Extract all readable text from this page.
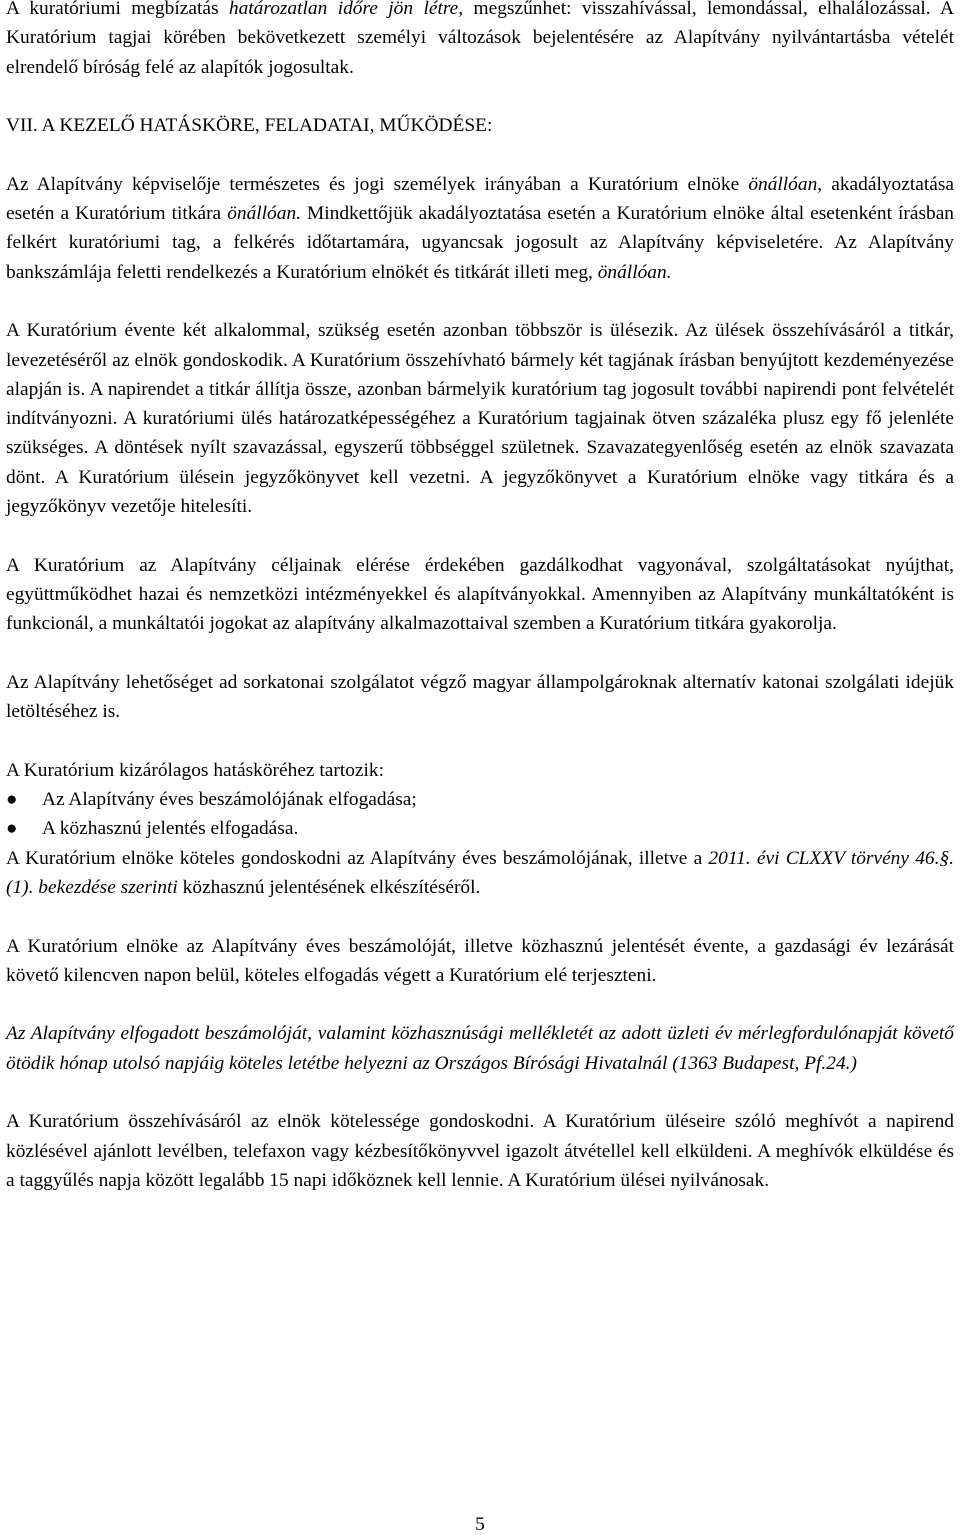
A kuratóriumi megbízatás határozatlan időre jön létre, megszűnhet: visszahívással, lemondással, elhalálozással. A Kuratórium tagjai körében bekövetkezett személyi változások bejelentésére az Alapítvány nyilvántartásba vételét elrendelő bíróság felé az alapítók jogosultak.

VII. A KEZELŐ HATÁSKÖRE, FELADATAI, MŰKÖDÉSE:

Az Alapítvány képviselője természetes és jogi személyek irányában a Kuratórium elnöke önállóan, akadályoztatása esetén a Kuratórium titkára önállóan. Mindkettőjük akadályoztatása esetén a Kuratórium elnöke által esetenként írásban felkért kuratóriumi tag, a felkérés időtartamára, ugyancsak jogosult az Alapítvány képviseletére. Az Alapítvány bankszámlája feletti rendelkezés a Kuratórium elnökét és titkárát illeti meg, önállóan.

A Kuratórium évente két alkalommal, szükség esetén azonban többször is ülésezik. Az ülések összehívásáról a titkár, levezetéséről az elnök gondoskodik. A Kuratórium összehívható bármely két tagjának írásban benyújtott kezdeményezése alapján is. A napirendet a titkár állítja össze, azonban bármelyik kuratórium tag jogosult további napirendi pont felvételét indítványozni. A kuratóriumi ülés határozatképességéhez a Kuratórium tagjainak ötven százaléka plusz egy fő jelenléte szükséges. A döntések nyílt szavazással, egyszerű többséggel születnek. Szavazategyenlőség esetén az elnök szavazata dönt. A Kuratórium ülésein jegyzőkönyvet kell vezetni. A jegyzőkönyvet a Kuratórium elnöke vagy titkára és a jegyzőkönyv vezetője hitelesíti.

A Kuratórium az Alapítvány céljainak elérése érdekében gazdálkodhat vagyonával, szolgáltatásokat nyújthat, együttműködhet hazai és nemzetközi intézményekkel és alapítványokkal. Amennyiben az Alapítvány munkáltatóként is funkcionál, a munkáltatói jogokat az alapítvány alkalmazottaival szemben a Kuratórium titkára gyakorolja.

Az Alapítvány lehetőséget ad sorkatonai szolgálatot végző magyar állampolgároknak alternatív katonai szolgálati idejük letöltéséhez is.

A Kuratórium kizárólagos hatásköréhez tartozik:

● Az Alapítvány éves beszámolójának elfogadása;
● A közhasznú jelentés elfogadása.

A Kuratórium elnöke köteles gondoskodni az Alapítvány éves beszámolójának, illetve a 2011. évi CLXXV törvény 46.§.(1). bekezdése szerinti közhasznú jelentésének elkészítéséről.

A Kuratórium elnöke az Alapítvány éves beszámolóját, illetve közhasznú jelentését évente, a gazdasági év lezárását követő kilencven napon belül, köteles elfogadás végett a Kuratórium elé terjeszteni.

Az Alapítvány elfogadott beszámolóját, valamint közhasznúsági mellékletét az adott üzleti év mérlegfordulónapját követő ötödik hónap utolsó napjáig köteles letétbe helyezni az Országos Bírósági Hivatalnál (1363 Budapest, Pf.24.)

A Kuratórium összehívásáról az elnök kötelessége gondoskodni. A Kuratórium üléseire szóló meghívót a napirend közlésével ajánlott levélben, telefaxon vagy kézbesítőkönyvvel igazolt átvétellel kell elküldeni. A meghívók elküldése és a taggyűlés napja között legalább 15 napi időköznek kell lennie. A Kuratórium ülései nyilvánosak.

5
